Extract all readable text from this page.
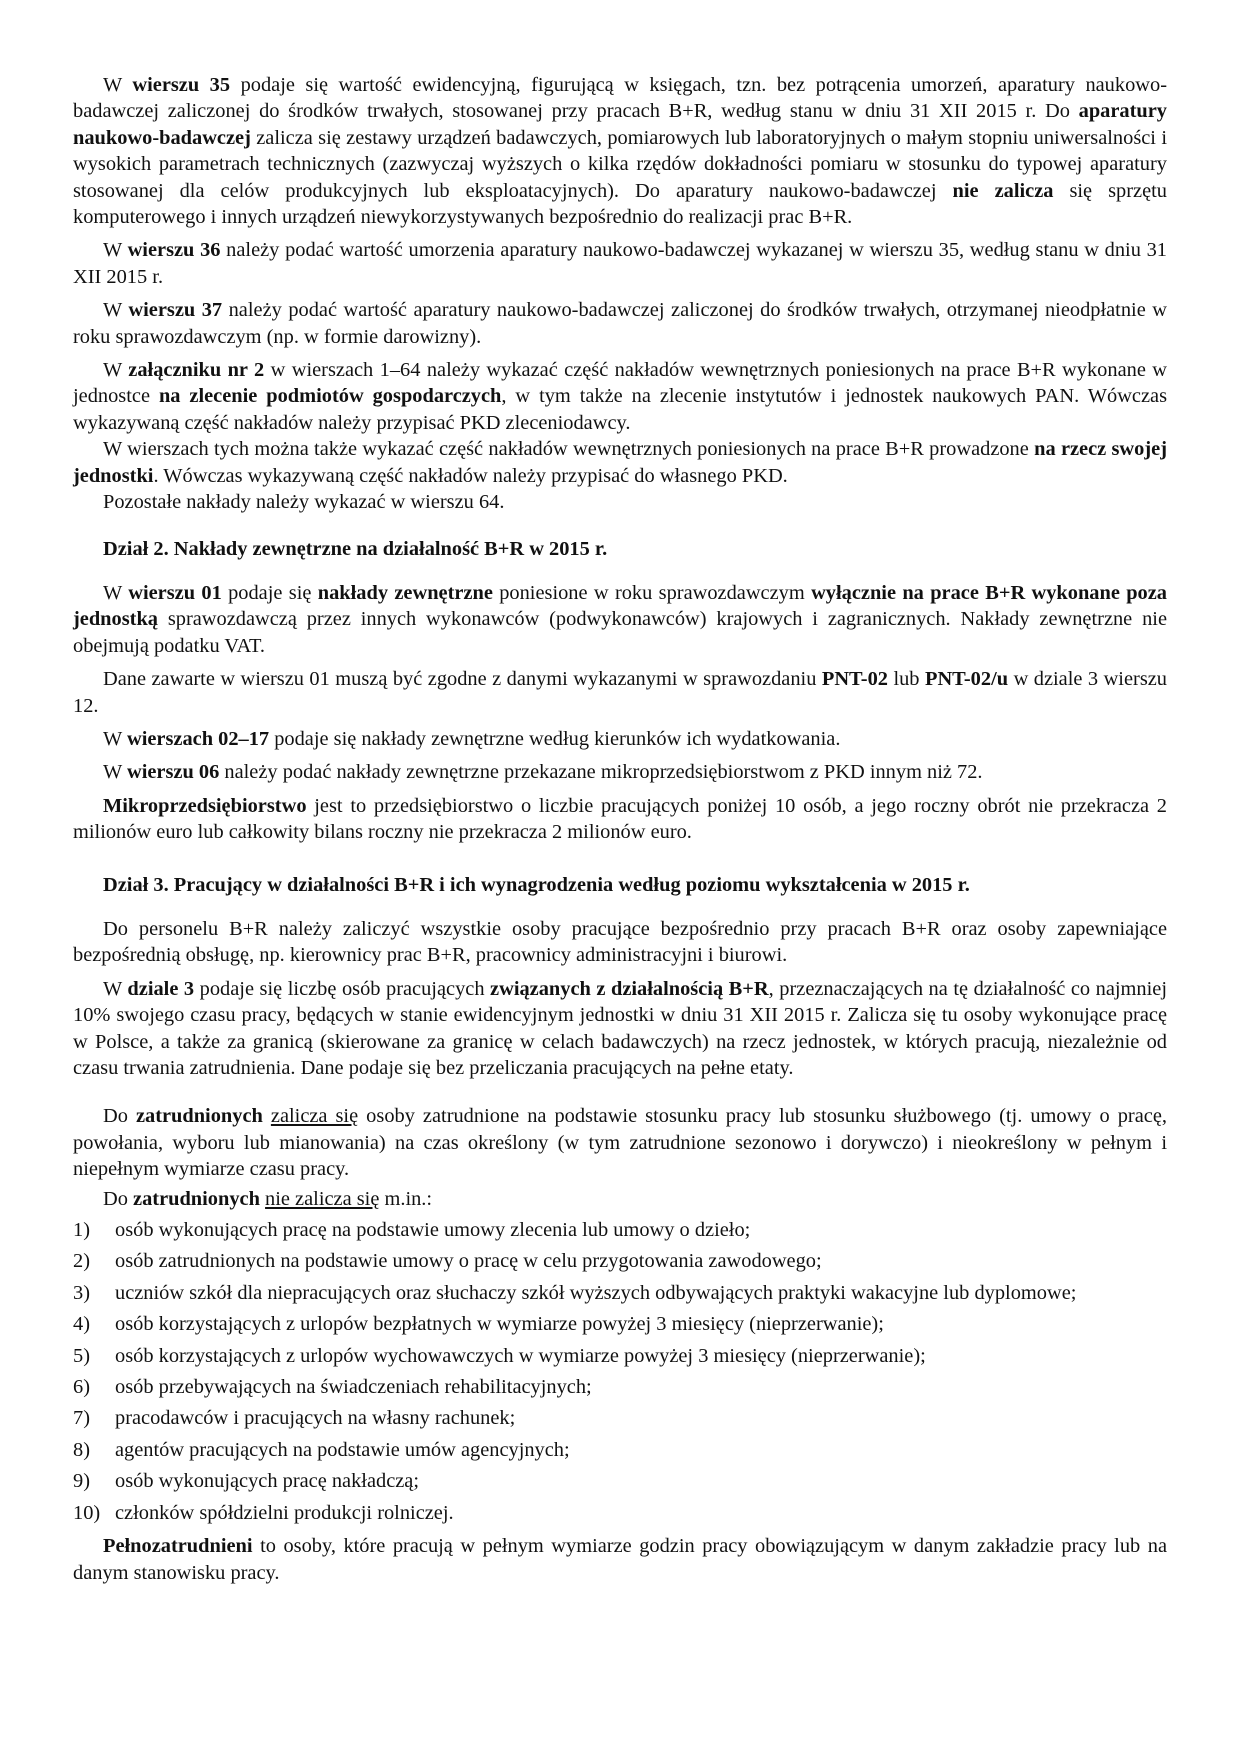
W wierszu 35 podaje się wartość ewidencyjną, figurującą w księgach, tzn. bez potrącenia umorzeń, aparatury naukowo-badawczej zaliczonej do środków trwałych, stosowanej przy pracach B+R, według stanu w dniu 31 XII 2015 r. Do aparatury naukowo-badawczej zalicza się zestawy urządzeń badawczych, pomiarowych lub laboratoryjnych o małym stopniu uniwersalności i wysokich parametrach technicznych (zazwyczaj wyższych o kilka rzędów dokładności pomiaru w stosunku do typowej aparatury stosowanej dla celów produkcyjnych lub eksploatacyjnych). Do aparatury naukowo-badawczej nie zalicza się sprzętu komputerowego i innych urządzeń niewykorzystywanych bezpośrednio do realizacji prac B+R.

W wierszu 36 należy podać wartość umorzenia aparatury naukowo-badawczej wykazanej w wierszu 35, według stanu w dniu 31 XII 2015 r.

W wierszu 37 należy podać wartość aparatury naukowo-badawczej zaliczonej do środków trwałych, otrzymanej nieodpłatnie w roku sprawozdawczym (np. w formie darowizny).

W załączniku nr 2 w wierszach 1–64 należy wykazać część nakładów wewnętrznych poniesionych na prace B+R wykonane w jednostce na zlecenie podmiotów gospodarczych, w tym także na zlecenie instytutów i jednostek naukowych PAN. Wówczas wykazywaną część nakładów należy przypisać PKD zleceniodawcy.

W wierszach tych można także wykazać część nakładów wewnętrznych poniesionych na prace B+R prowadzone na rzecz swojej jednostki. Wówczas wykazywaną część nakładów należy przypisać do własnego PKD.

Pozostałe nakłady należy wykazać w wierszu 64.

Dział 2. Nakłady zewnętrzne na działalność B+R w 2015 r.

W wierszu 01 podaje się nakłady zewnętrzne poniesione w roku sprawozdawczym wyłącznie na prace B+R wykonane poza jednostką sprawozdawczą przez innych wykonawców (podwykonawców) krajowych i zagranicznych. Nakłady zewnętrzne nie obejmują podatku VAT.

Dane zawarte w wierszu 01 muszą być zgodne z danymi wykazanymi w sprawozdaniu PNT-02 lub PNT-02/u w dziale 3 wierszu 12.

W wierszach 02–17 podaje się nakłady zewnętrzne według kierunków ich wydatkowania.

W wierszu 06 należy podać nakłady zewnętrzne przekazane mikroprzedsiębiorstwom z PKD innym niż 72.

Mikroprzedsiębiorstwo jest to przedsiębiorstwo o liczbie pracujących poniżej 10 osób, a jego roczny obrót nie przekracza 2 milionów euro lub całkowity bilans roczny nie przekracza 2 milionów euro.

Dział 3. Pracujący w działalności B+R i ich wynagrodzenia według poziomu wykształcenia w 2015 r.

Do personelu B+R należy zaliczyć wszystkie osoby pracujące bezpośrednio przy pracach B+R oraz osoby zapewniające bezpośrednią obsługę, np. kierownicy prac B+R, pracownicy administracyjni i biurowi.

W dziale 3 podaje się liczbę osób pracujących związanych z działalnością B+R, przeznaczających na tę działalność co najmniej 10% swojego czasu pracy, będących w stanie ewidencyjnym jednostki w dniu 31 XII 2015 r. Zalicza się tu osoby wykonujące pracę w Polsce, a także za granicą (skierowane za granicę w celach badawczych) na rzecz jednostek, w których pracują, niezależnie od czasu trwania zatrudnienia. Dane podaje się bez przeliczania pracujących na pełne etaty.

Do zatrudnionych zalicza się osoby zatrudnione na podstawie stosunku pracy lub stosunku służbowego (tj. umowy o pracę, powołania, wyboru lub mianowania) na czas określony (w tym zatrudnione sezonowo i dorywczo) i nieokreślony w pełnym i niepełnym wymiarze czasu pracy.

Do zatrudnionych nie zalicza się m.in.:

1) osób wykonujących pracę na podstawie umowy zlecenia lub umowy o dzieło;
2) osób zatrudnionych na podstawie umowy o pracę w celu przygotowania zawodowego;
3) uczniów szkół dla niepracujących oraz słuchaczy szkół wyższych odbywających praktyki wakacyjne lub dyplomowe;
4) osób korzystających z urlopów bezpłatnych w wymiarze powyżej 3 miesięcy (nieprzerwanie);
5) osób korzystających z urlopów wychowawczych w wymiarze powyżej 3 miesięcy (nieprzerwanie);
6) osób przebywających na świadczeniach rehabilitacyjnych;
7) pracodawców i pracujących na własny rachunek;
8) agentów pracujących na podstawie umów agencyjnych;
9) osób wykonujących pracę nakładczą;
10) członków spółdzielni produkcji rolniczej.

Pełnozatrudnieni to osoby, które pracują w pełnym wymiarze godzin pracy obowiązującym w danym zakładzie pracy lub na danym stanowisku pracy.
